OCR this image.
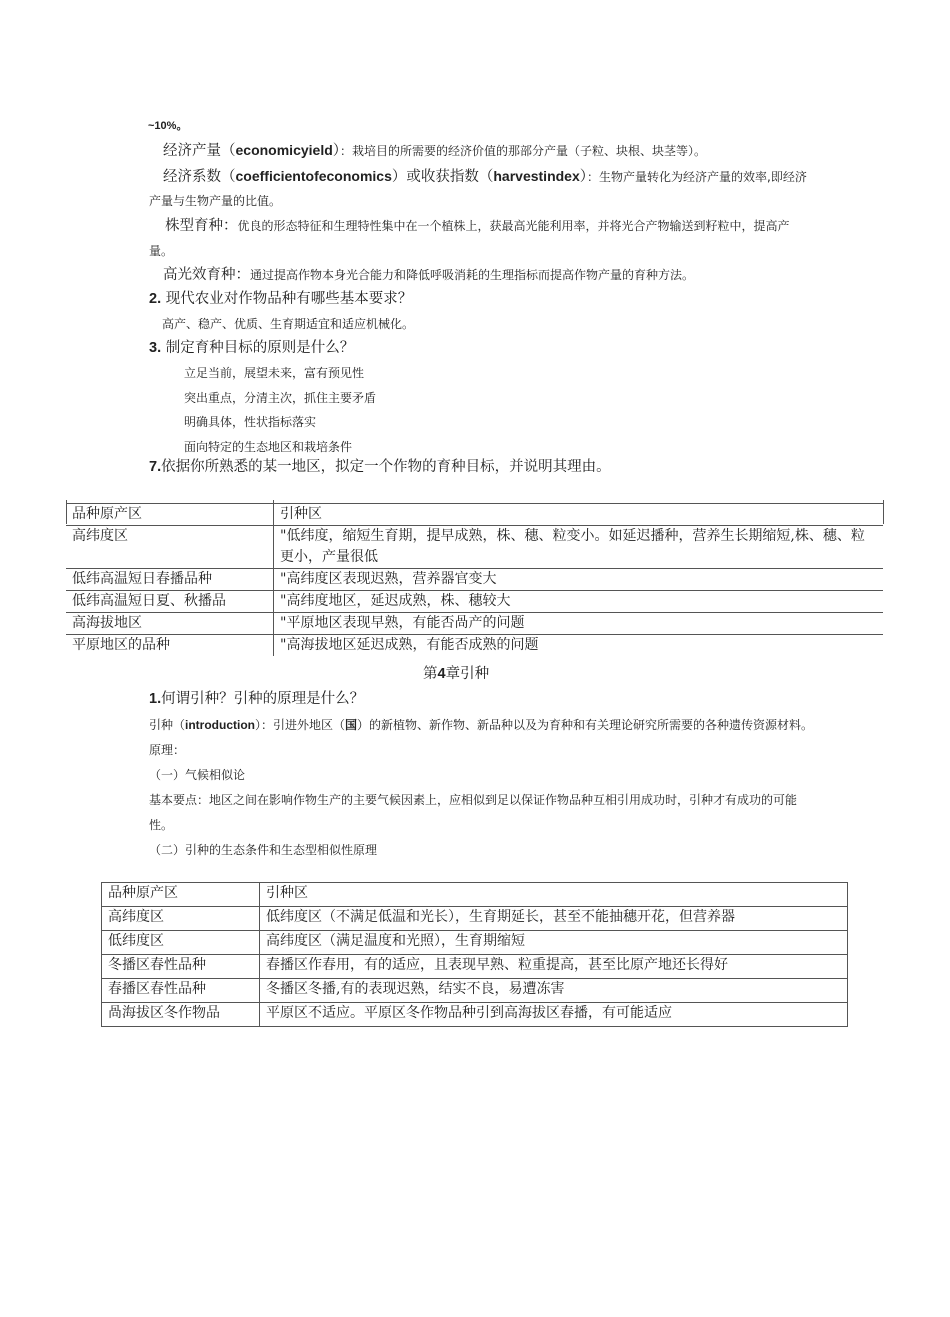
~10%。
经济产量（economicyield）：栽培目的所需要的经济价值的那部分产量（子粒、块根、块茎等）。
经济系数（coefficientofeconomics）或收获指数（harvestindex）：生物产量转化为经济产量的效率,即经济
产量与生物产量的比值。
株型育种：优良的形态特征和生理特性集中在一个植株上，获最高光能利用率，并将光合产物输送到籽粒中，提高产
量。
高光效育种：通过提高作物本身光合能力和降低呼吸消耗的生理指标而提高作物产量的育种方法。
2. 现代农业对作物品种有哪些基本要求？
高产、稳产、优质、生育期适宜和适应机械化。
3. 制定育种目标的原则是什么？
立足当前，展望未来，富有预见性
突出重点，分清主次，抓住主要矛盾
明确具体，性状指标落实
面向特定的生态地区和栽培条件
7.依据你所熟悉的某一地区，拟定一个作物的育种目标，并说明其理由。
品种原产区	引种区
高纬度区	"低纬度，缩短生育期，提早成熟，株、穗、粒变小。如延迟播种，营养生长期缩短,株、穗、粒更小，产量很低
低纬高温短日春播品种	"高纬度区表现迟熟，营养器官变大
低纬高温短日夏、秋播品	"高纬度地区，延迟成熟，株、穗较大
高海拔地区	"平原地区表现早熟，有能否咼产的问题
平原地区的品种	"高海拔地区延迟成熟，有能否成熟的问题
第4章引种
1.何谓引种？引种的原理是什么？
引种（introduction）：引进外地区（国）的新植物、新作物、新品种以及为育种和有关理论研究所需要的各种遗传资源材料。
原理：
（一）气候相似论
基本要点：地区之间在影响作物生产的主要气候因素上，应相似到足以保证作物品种互相引用成功时，引种才有成功的可能
性。
（二）引种的生态条件和生态型相似性原理
品种原产区	引种区
高纬度区	低纬度区（不满足低温和光长），生育期延长，甚至不能抽穗开花，但营养器
低纬度区	高纬度区（满足温度和光照），生育期缩短
冬播区春性品种	春播区作春用，有的适应，且表现早熟、粒重提高，甚至比原产地还长得好
春播区春性品种	冬播区冬播,有的表现迟熟，结实不良，易遭冻害
咼海拔区冬作物品	平原区不适应。平原区冬作物品种引到高海拔区春播，有可能适应
